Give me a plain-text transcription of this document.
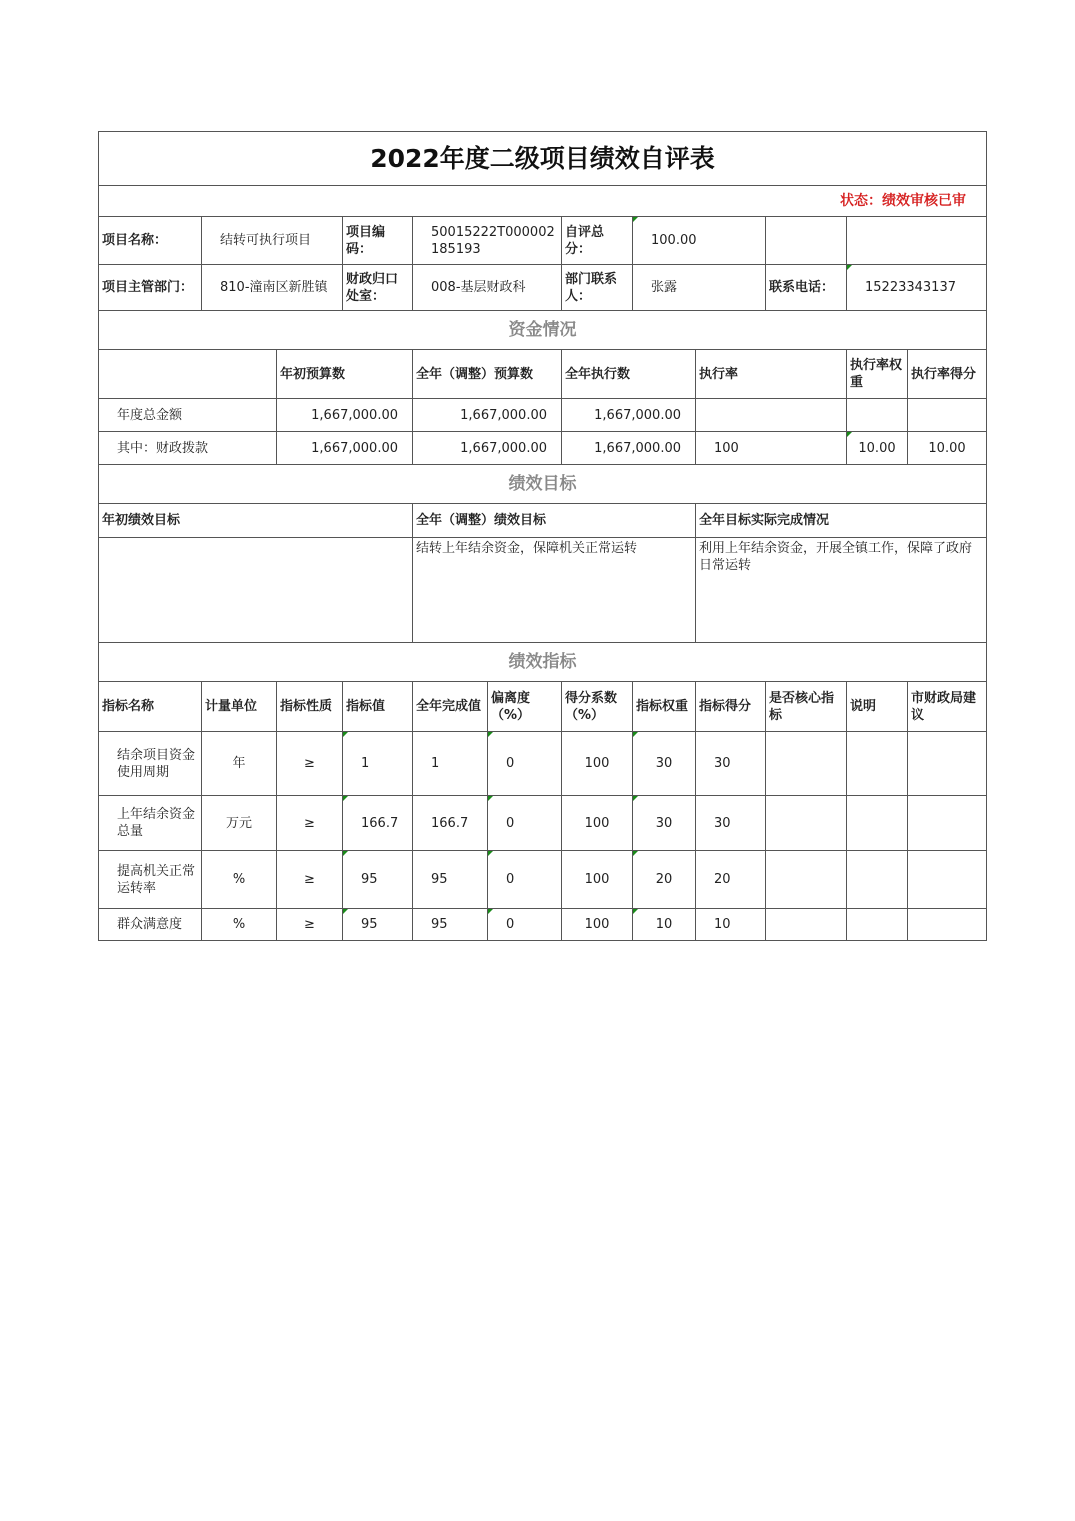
2022年度二级项目绩效自评表											
状态：绩效审核已审											
项目名称：	结转可执行项目		项目编码：	50015222T000002185193		自评总分：	100.00				
项目主管部门：	810-潼南区新胜镇		财政归口处室：	008-基层财政科		部门联系人：	张露		联系电话：	15223343137	
资金情况											
		年初预算数		全年（调整）预算数		全年执行数		执行率		执行率权重	执行率得分
年度总金额		1,667,000.00		1,667,000.00		1,667,000.00					
其中：财政拨款		1,667,000.00		1,667,000.00		1,667,000.00		100		10.00	10.00
绩效目标											
年初绩效目标				全年（调整）绩效目标				全年目标实际完成情况			
				结转上年结余资金，保障机关正常运转				利用上年结余资金，开展全镇工作，保障了政府日常运转			
绩效指标											
指标名称	计量单位	指标性质	指标值	全年完成值	偏离度（%）	得分系数（%）	指标权重	指标得分	是否核心指标	说明	市财政局建议
结余项目资金使用周期	年	≥	1	1	0	100	30	30			
上年结余资金总量	万元	≥	166.7	166.7	0	100	30	30			
提高机关正常运转率	%	≥	95	95	0	100	20	20			
群众满意度	%	≥	95	95	0	100	10	10			
